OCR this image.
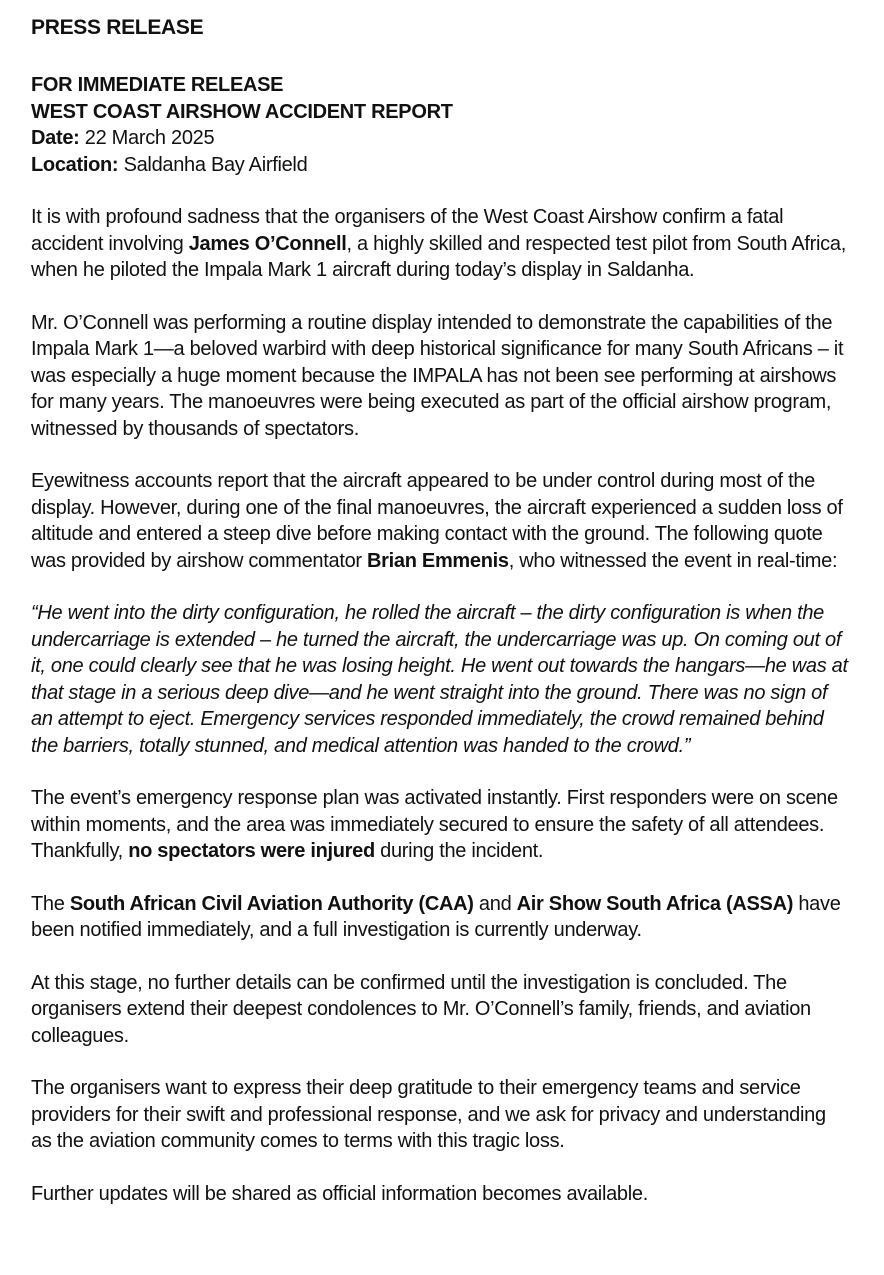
PRESS RELEASE
FOR IMMEDIATE RELEASE
WEST COAST AIRSHOW ACCIDENT REPORT
Date: 22 March 2025
Location: Saldanha Bay Airfield

It is with profound sadness that the organisers of the West Coast Airshow confirm a fatal accident involving James O’Connell, a highly skilled and respected test pilot from South Africa, when he piloted the Impala Mark 1 aircraft during today’s display in Saldanha.

Mr. O’Connell was performing a routine display intended to demonstrate the capabilities of the Impala Mark 1—a beloved warbird with deep historical significance for many South Africans – it was especially a huge moment because the IMPALA has not been see performing at airshows for many years. The manoeuvres were being executed as part of the official airshow program, witnessed by thousands of spectators.

Eyewitness accounts report that the aircraft appeared to be under control during most of the display. However, during one of the final manoeuvres, the aircraft experienced a sudden loss of altitude and entered a steep dive before making contact with the ground. The following quote was provided by airshow commentator Brian Emmenis, who witnessed the event in real-time:

“He went into the dirty configuration, he rolled the aircraft – the dirty configuration is when the undercarriage is extended – he turned the aircraft, the undercarriage was up. On coming out of it, one could clearly see that he was losing height. He went out towards the hangars—he was at that stage in a serious deep dive—and he went straight into the ground. There was no sign of an attempt to eject. Emergency services responded immediately, the crowd remained behind the barriers, totally stunned, and medical attention was handed to the crowd.”

The event’s emergency response plan was activated instantly. First responders were on scene within moments, and the area was immediately secured to ensure the safety of all attendees. Thankfully, no spectators were injured during the incident.

The South African Civil Aviation Authority (CAA) and Air Show South Africa (ASSA) have been notified immediately, and a full investigation is currently underway.

At this stage, no further details can be confirmed until the investigation is concluded. The organisers extend their deepest condolences to Mr. O’Connell’s family, friends, and aviation colleagues.

The organisers want to express their deep gratitude to their emergency teams and service providers for their swift and professional response, and we ask for privacy and understanding as the aviation community comes to terms with this tragic loss.

Further updates will be shared as official information becomes available.
